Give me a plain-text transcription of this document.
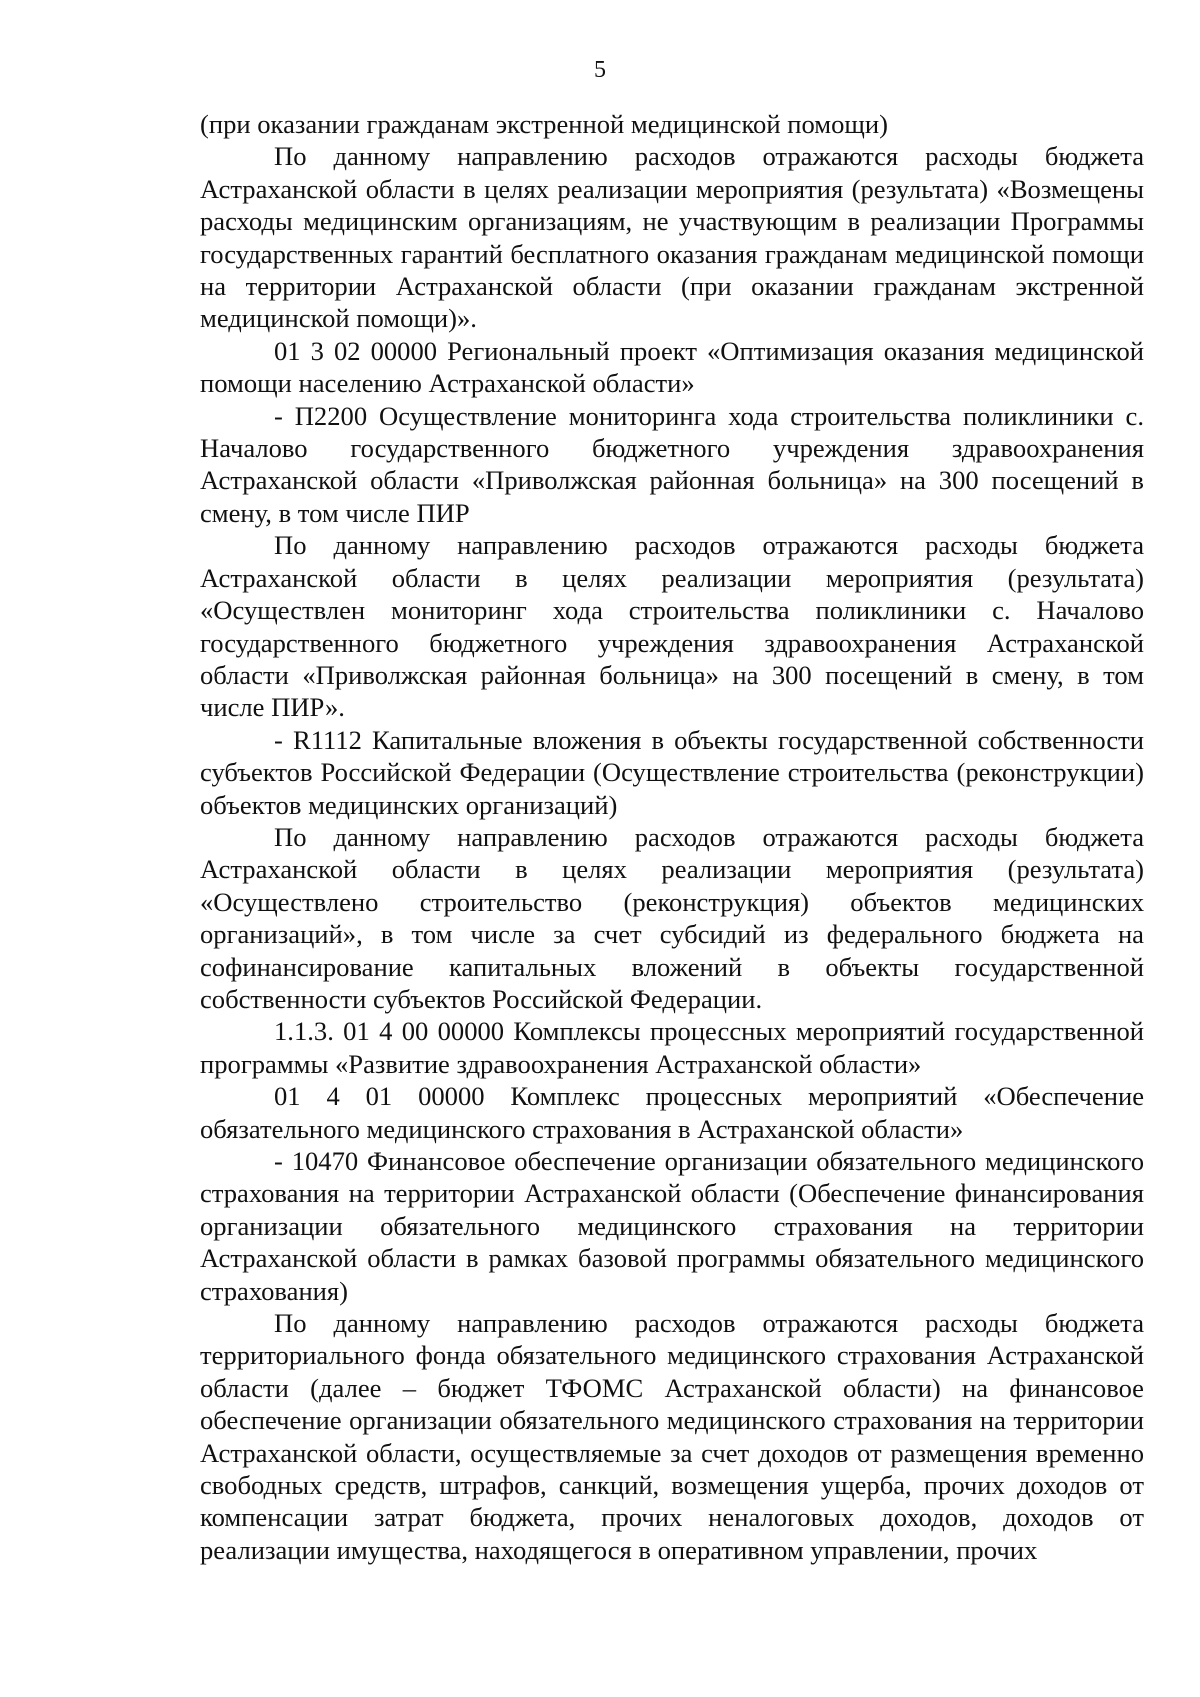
5

(при оказании гражданам экстренной медицинской помощи)

По данному направлению расходов отражаются расходы бюджета Астраханской области в целях реализации мероприятия (результата) «Возмещены расходы медицинским организациям, не участвующим в реализации Программы государственных гарантий бесплатного оказания гражданам медицинской помощи на территории Астраханской области (при оказании гражданам экстренной медицинской помощи)».

01 3 02 00000 Региональный проект «Оптимизация оказания медицинской помощи населению Астраханской области»

- П2200 Осуществление мониторинга хода строительства поликлиники с. Началово государственного бюджетного учреждения здравоохранения Астраханской области «Приволжская районная больница» на 300 посещений в смену, в том числе ПИР

По данному направлению расходов отражаются расходы бюджета Астраханской области в целях реализации мероприятия (результата) «Осуществлен мониторинг хода строительства поликлиники с. Началово государственного бюджетного учреждения здравоохранения Астраханской области «Приволжская районная больница» на 300 посещений в смену, в том числе ПИР».

- R1112 Капитальные вложения в объекты государственной собственности субъектов Российской Федерации (Осуществление строительства (реконструкции) объектов медицинских организаций)

По данному направлению расходов отражаются расходы бюджета Астраханской области в целях реализации мероприятия (результата) «Осуществлено строительство (реконструкция) объектов медицинских организаций», в том числе за счет субсидий из федерального бюджета на софинансирование капитальных вложений в объекты государственной собственности субъектов Российской Федерации.

1.1.3. 01 4 00 00000 Комплексы процессных мероприятий государственной программы «Развитие здравоохранения Астраханской области»

01 4 01 00000 Комплекс процессных мероприятий «Обеспечение обязательного медицинского страхования в Астраханской области»

- 10470 Финансовое обеспечение организации обязательного медицинского страхования на территории Астраханской области (Обеспечение финансирования организации обязательного медицинского страхования на территории Астраханской области в рамках базовой программы обязательного медицинского страхования)

По данному направлению расходов отражаются расходы бюджета территориального фонда обязательного медицинского страхования Астраханской области (далее – бюджет ТФОМС Астраханской области) на финансовое обеспечение организации обязательного медицинского страхования на территории Астраханской области, осуществляемые за счет доходов от размещения временно свободных средств, штрафов, санкций, возмещения ущерба, прочих доходов от компенсации затрат бюджета, прочих неналоговых доходов, доходов от реализации имущества, находящегося в оперативном управлении, прочих
